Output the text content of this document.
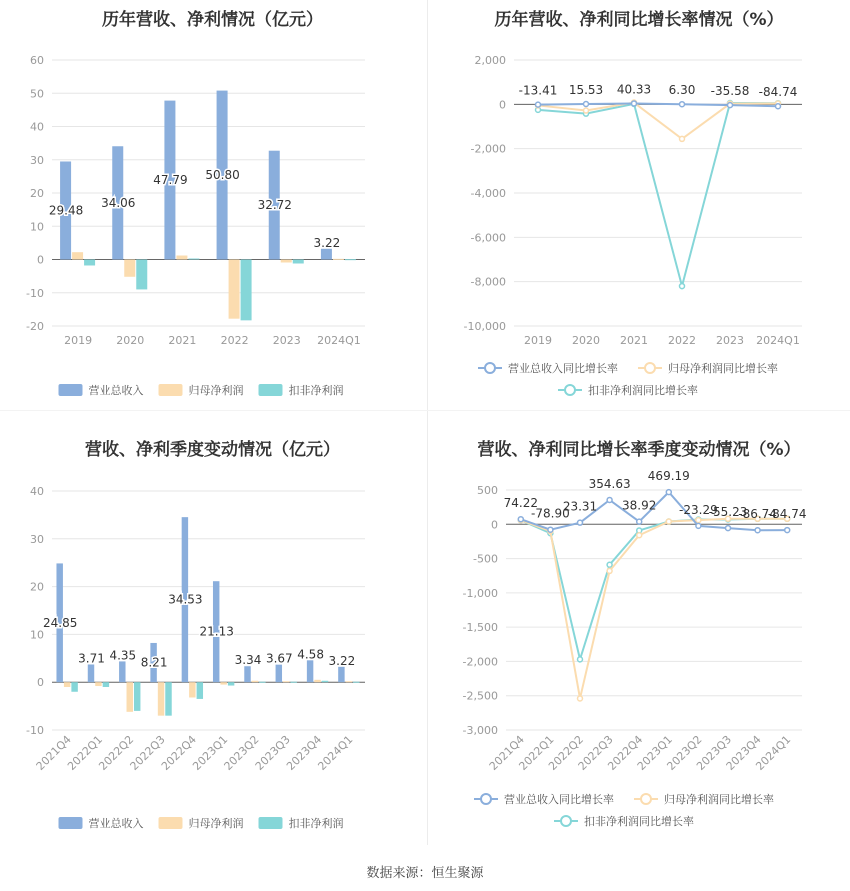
历年营收、净利情况（亿元）
-20
-10
0
10
20
30
40
50
60
2019 2020 2021 2022 2023 2024Q1
29.48
34.06
47.79 50.80
32.72
3.22
营业总收入	归母净利润	扣非净利润
历年营收、净利同比增长率情况（%）
-10,000
-8,000
-6,000
-4,000
-2,000
0
2,000
2019 2020 2021 2022 2023 2024Q1
-13.41 15.53 40.33 6.30 -35.58 -84.74
营业总收入同比增长率	归母净利润同比增长率
扣非净利润同比增长率
营收、净利季度变动情况（亿元）
-10
0
10
20
30
40
2021Q4
2022Q1
2022Q2
2022Q3
2022Q4
2023Q1
2023Q2
2023Q3
2023Q4
2024Q1
24.85
3.71 4.35
8.21
34.53
21.13
3.34 3.67 4.58 3.22
营业总收入	归母净利润	扣非净利润
营收、净利同比增长率季度变动情况（%）
-3,000
-2,500
-2,000
-1,500
-1,000
-500
0
500
2021Q4
2022Q1
2022Q2
2022Q3
2022Q4
2023Q1
2023Q2
2023Q3
2023Q4
2024Q1
74.22
-78.90
23.31
354.63
38.92
469.19
-23.29
-55.23
-86.74
-84.74
营业总收入同比增长率	归母净利润同比增长率
扣非净利润同比增长率
数据来源：恒生聚源
